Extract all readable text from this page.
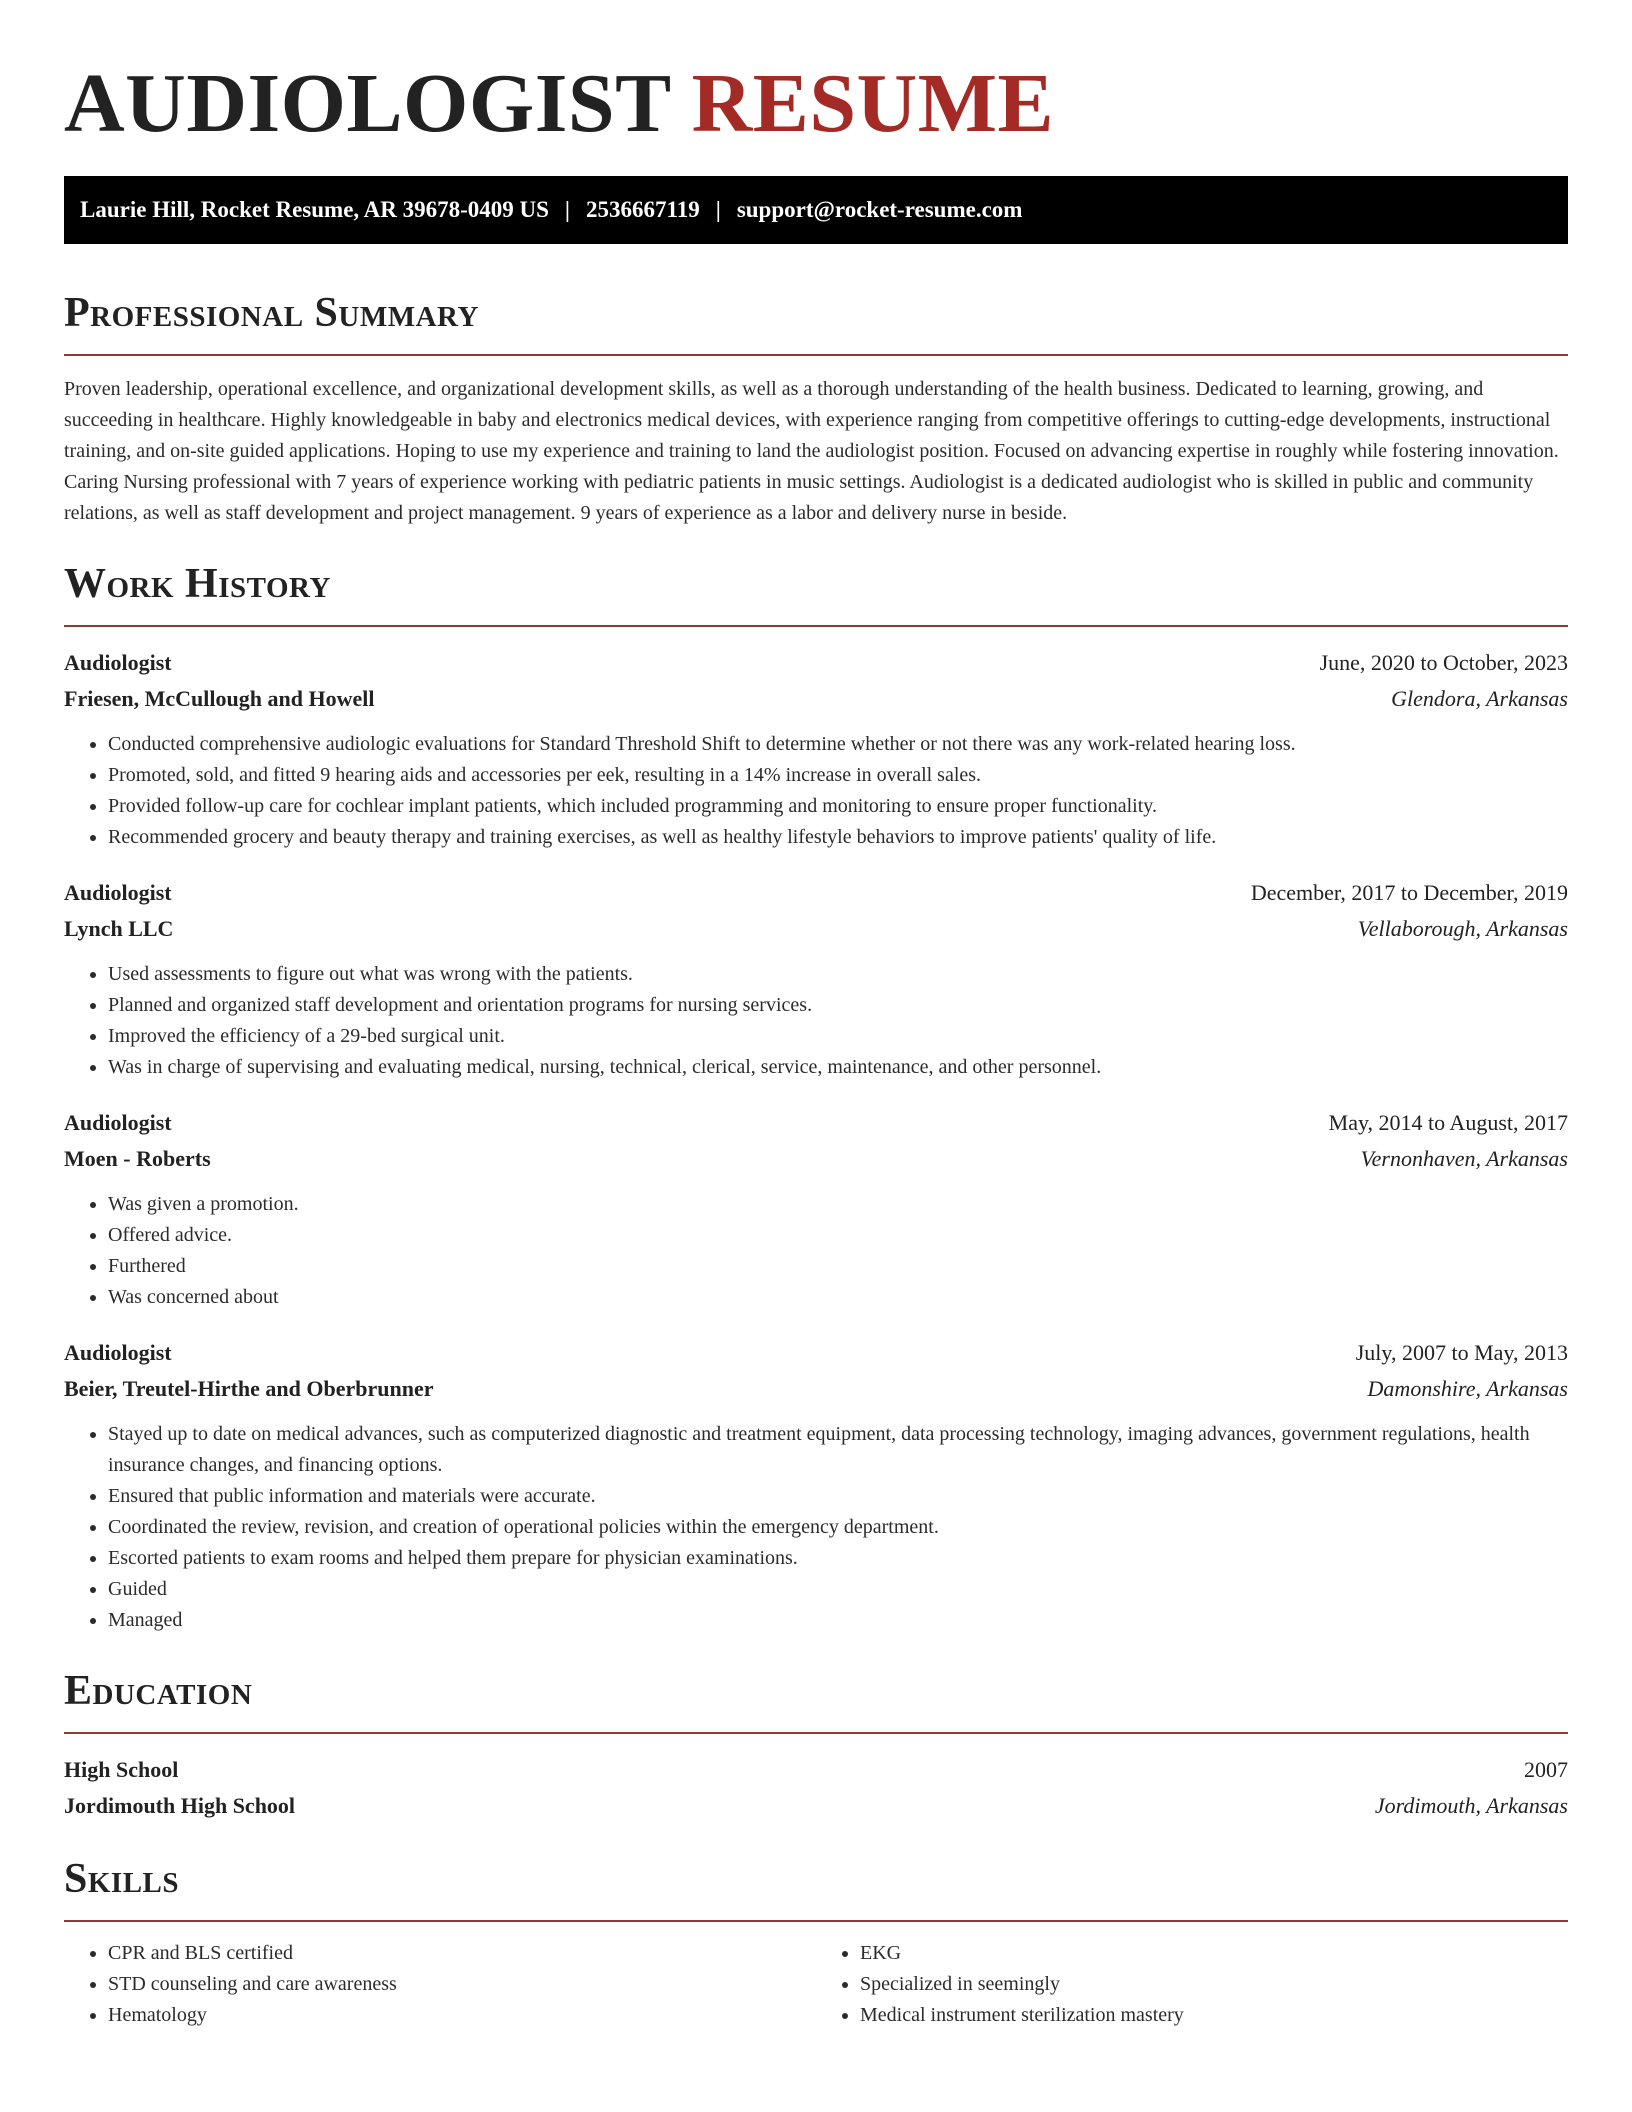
AUDIOLOGIST RESUME
Laurie Hill, Rocket Resume, AR 39678-0409 US | 2536667119 | support@rocket-resume.com
Professional Summary

Proven leadership, operational excellence, and organizational development skills, as well as a thorough understanding of the health business. Dedicated to learning, growing, and succeeding in healthcare. Highly knowledgeable in baby and electronics medical devices, with experience ranging from competitive offerings to cutting-edge developments, instructional training, and on-site guided applications. Hoping to use my experience and training to land the audiologist position. Focused on advancing expertise in roughly while fostering innovation. Caring Nursing professional with 7 years of experience working with pediatric patients in music settings. Audiologist is a dedicated audiologist who is skilled in public and community relations, as well as staff development and project management. 9 years of experience as a labor and delivery nurse in beside.

Work History
Audiologist	June, 2020 to October, 2023
Friesen, McCullough and Howell	Glendora, Arkansas
• Conducted comprehensive audiologic evaluations for Standard Threshold Shift to determine whether or not there was any work-related hearing loss.
• Promoted, sold, and fitted 9 hearing aids and accessories per eek, resulting in a 14% increase in overall sales.
• Provided follow-up care for cochlear implant patients, which included programming and monitoring to ensure proper functionality.
• Recommended grocery and beauty therapy and training exercises, as well as healthy lifestyle behaviors to improve patients' quality of life.
Audiologist	December, 2017 to December, 2019
Lynch LLC	Vellaborough, Arkansas
• Used assessments to figure out what was wrong with the patients.
• Planned and organized staff development and orientation programs for nursing services.
• Improved the efficiency of a 29-bed surgical unit.
• Was in charge of supervising and evaluating medical, nursing, technical, clerical, service, maintenance, and other personnel.
Audiologist	May, 2014 to August, 2017
Moen - Roberts	Vernonhaven, Arkansas
• Was given a promotion.
• Offered advice.
• Furthered
• Was concerned about
Audiologist	July, 2007 to May, 2013
Beier, Treutel-Hirthe and Oberbrunner	Damonshire, Arkansas
• Stayed up to date on medical advances, such as computerized diagnostic and treatment equipment, data processing technology, imaging advances, government regulations, health insurance changes, and financing options.
• Ensured that public information and materials were accurate.
• Coordinated the review, revision, and creation of operational policies within the emergency department.
• Escorted patients to exam rooms and helped them prepare for physician examinations.
• Guided
• Managed
Education
High School	2007
Jordimouth High School	Jordimouth, Arkansas
Skills
• CPR and BLS certified
• STD counseling and care awareness
• Hematology
• EKG
• Specialized in seemingly
• Medical instrument sterilization mastery
